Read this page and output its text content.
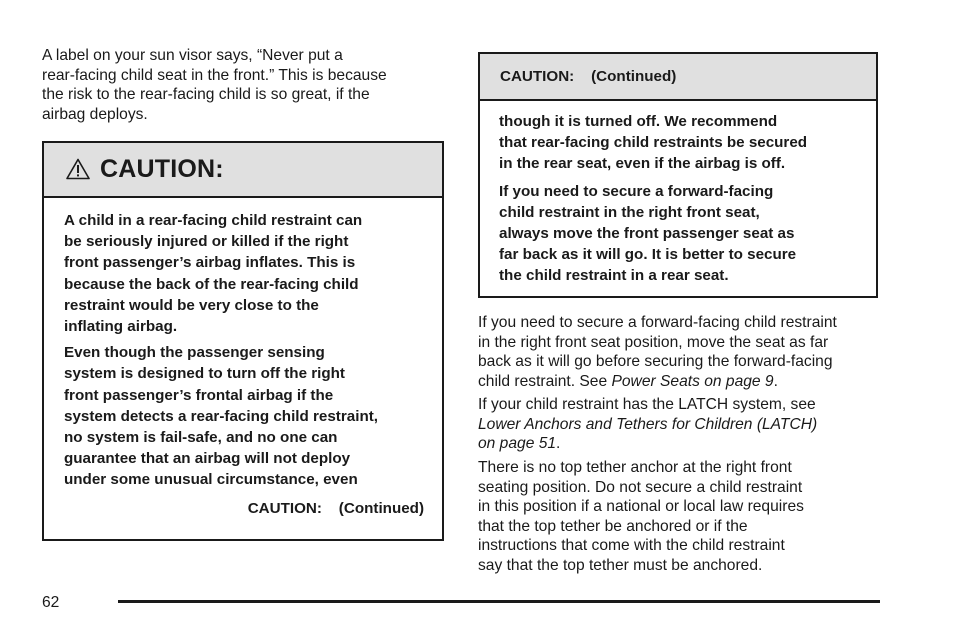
A label on your sun visor says, “Never put a
rear-facing child seat in the front.” This is because
the risk to the rear-facing child is so great, if the
airbag deploys.

CAUTION:

A child in a rear-facing child restraint can
be seriously injured or killed if the right
front passenger’s airbag inflates. This is
because the back of the rear-facing child
restraint would be very close to the
inflating airbag.

Even though the passenger sensing
system is designed to turn off the right
front passenger’s frontal airbag if the
system detects a rear-facing child restraint,
no system is fail-safe, and no one can
guarantee that an airbag will not deploy
under some unusual circumstance, even

CAUTION:    (Continued)
CAUTION:    (Continued)

though it is turned off. We recommend
that rear-facing child restraints be secured
in the rear seat, even if the airbag is off.

If you need to secure a forward-facing
child restraint in the right front seat,
always move the front passenger seat as
far back as it will go. It is better to secure
the child restraint in a rear seat.

If you need to secure a forward-facing child restraint
in the right front seat position, move the seat as far
back as it will go before securing the forward-facing
child restraint. See Power Seats on page 9.

If your child restraint has the LATCH system, see
Lower Anchors and Tethers for Children (LATCH)
on page 51.

There is no top tether anchor at the right front
seating position. Do not secure a child restraint
in this position if a national or local law requires
that the top tether be anchored or if the
instructions that come with the child restraint
say that the top tether must be anchored.

62
